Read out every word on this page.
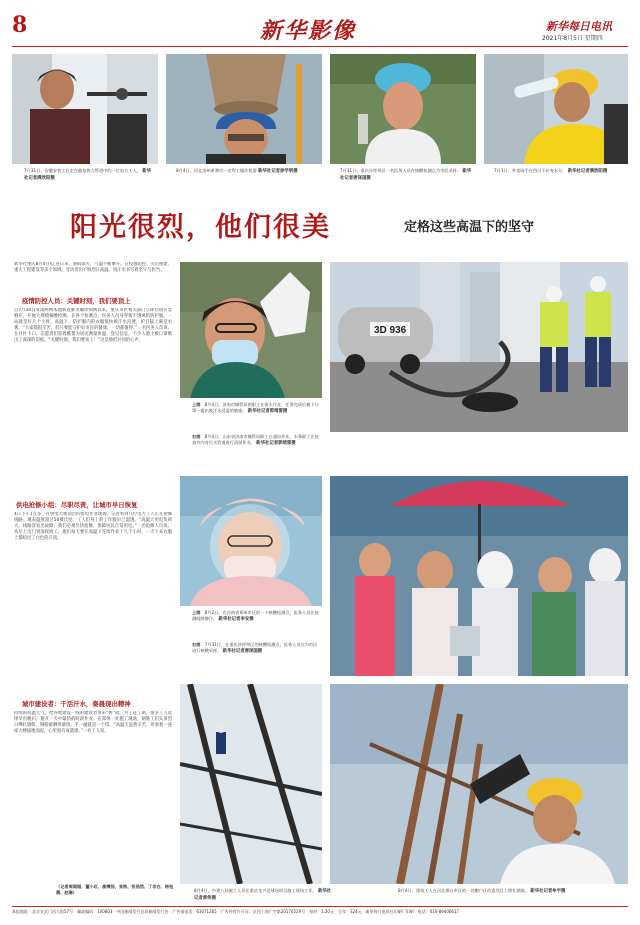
8	新华影像	新华每日电讯
2021年8月5日 星期四
7月31日，安徽安装工匠走在遍布热力管道中的一位电力工人。 新华社记者满欣阳摄
8月4日，河北沧州黄骅市一名焊工操作机器 新华社记者徐学明摄	7月31日，重庆沙坪坝区一名医务人员在核酸检测点为市民采样。 新华社记者唐泽国摄
7月1日，外卖骑手在烈日下补充水分。 新华社记者满欣阳摄
阳光很烈，他们很美	定格这些高温下的坚守
新华社重庆8月4日电 连日来，骄阳似火，气温不断攀升。在疫情防控、灾后重建、重大工程建设等多个领域，劳动者们不惧烈日高温，用汗水书写着坚守与担当。
疫情防控人员：关键时刻，我们要顶上
自7月30日发现两例本地新冠肺炎确诊病例以来，重庆市区相关部门立即启动应急响应，开展大规模核酸检测。在各个检测点，医务人员身穿密不透风的防护服，一站就是好几个小时。高温下，防护服内的衣服很快被汗水浸透，护目镜上满是水雾。“大家都很辛苦，但只要能守护好市民的健康，一切都值得。”一名医务人员说。在社区卡口，志愿者们冒着酷暑为居民测量体温、登记信息，不少人脸上被口罩勒出了深深的印痕。“关键时刻，我们要顶上！”这是他们共同的心声。
供电抢修小组：尽职尽责，让城市早日恢复
4日下午1点多，在供电大楼顶层的带电作业现场，记者看到几位电力工人正在抢修线路。地表温度超过50摄氏度，工人们身上的工作服早已湿透。“高温天用电负荷大，线路容易出故障，我们必须尽快抢修，保障居民正常用电。”一名抢修人员说。从早上出门到深夜收工，他们每天要在高温下连续作业十几个小时，一天下来衣服上都结出了白色的汗渍。
城市建设者：干活汗水，奏晨现出精神
持续的高温天气，给各地建设一线的建设者带来“烤”验。为了赶工期，很多工人选择早出晚归，避开一天中最热的时段作业。在郑州一处施工现场，钢筋工们头顶烈日绑扎钢筋，钢筋被晒得滚烫，手一碰就是一个印。“高温天虽然辛苦，但看着一座座大楼拔地而起，心里很有成就感。”一名工人说。
（记者周闻韬、董小红、高博扬、张铁、张浩然、丁非白、杨钰晨、赵琳）
3D 936
上图：8月4日，济南市城管局的职工在街头作业，任务完成后摘下口罩一露出被汗水浸湿的脸庞。 新华社记者郭绪雷摄
右图：8月4日，山东省济南市城管局职工在通沟作业，水务职工在检查井内对污水管道进行清淤作业。 新华社记者郭绪雷摄
上图：8月2日，在河南省郑州市区的一个核酸检测点，医务人员在检测间隙擦汗。 新华社记者李安摄
右图：7月31日，在重庆沙坪坝区的核酸检测点，医务人员在为市民进行核酸采样。 新华社记者唐泽国摄
8月4日，中建八局施工人员在重庆龙兴足球场项目施工现场工作。 新华社记者黄伟摄
8月4日，建筑工人在河北邢台市区的一处棚户区改造项目上绑扎钢筋。 新华社记者牟宇摄
本报地址：北京宣武门西大街57号　邮政编码：100803　中国新闻发行总局新闻发行处　广告部电话：63071265　广告经营许可证：京西工商广字第20170529号　每份：1.20元　全年：324元　新华每日电讯社印刷厂印刷　电话：010-89406617
